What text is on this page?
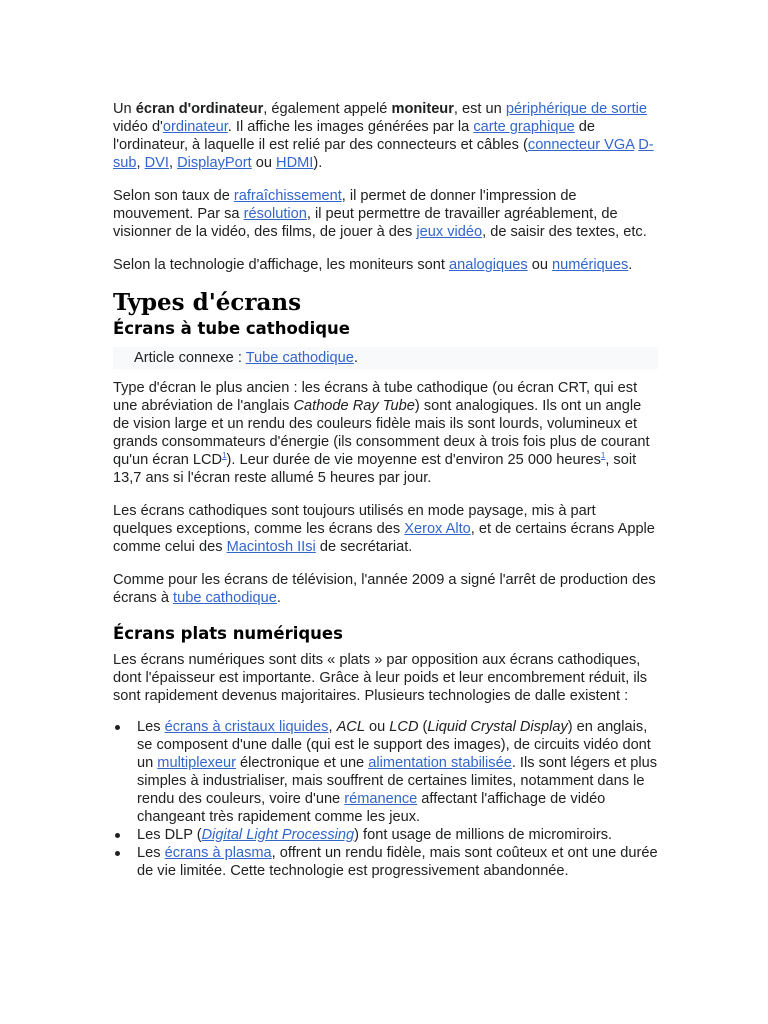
Un écran d'ordinateur, également appelé moniteur, est un périphérique de sortie vidéo d'ordinateur. Il affiche les images générées par la carte graphique de l'ordinateur, à laquelle il est relié par des connecteurs et câbles (connecteur VGA D-sub, DVI, DisplayPort ou HDMI).

Selon son taux de rafraîchissement, il permet de donner l'impression de mouvement. Par sa résolution, il peut permettre de travailler agréablement, de visionner de la vidéo, des films, de jouer à des jeux vidéo, de saisir des textes, etc.

Selon la technologie d'affichage, les moniteurs sont analogiques ou numériques.

Types d'écrans
Écrans à tube cathodique
Article connexe : Tube cathodique.

Type d'écran le plus ancien : les écrans à tube cathodique (ou écran CRT, qui est une abréviation de l'anglais Cathode Ray Tube) sont analogiques. Ils ont un angle de vision large et un rendu des couleurs fidèle mais ils sont lourds, volumineux et grands consommateurs d'énergie (ils consomment deux à trois fois plus de courant qu'un écran LCD$^1$). Leur durée de vie moyenne est d'environ 25 000 heures$^1$, soit 13,7 ans si l'écran reste allumé 5 heures par jour.

Les écrans cathodiques sont toujours utilisés en mode paysage, mis à part quelques exceptions, comme les écrans des Xerox Alto, et de certains écrans Apple comme celui des Macintosh IIsi de secrétariat.

Comme pour les écrans de télévision, l'année 2009 a signé l'arrêt de production des écrans à tube cathodique.

Écrans plats numériques

Les écrans numériques sont dits « plats » par opposition aux écrans cathodiques, dont l'épaisseur est importante. Grâce à leur poids et leur encombrement réduit, ils sont rapidement devenus majoritaires. Plusieurs technologies de dalle existent :

Les écrans à cristaux liquides, ACL ou LCD (Liquid Crystal Display) en anglais, se composent d'une dalle (qui est le support des images), de circuits vidéo dont un multiplexeur électronique et une alimentation stabilisée. Ils sont légers et plus simples à industrialiser, mais souffrent de certaines limites, notamment dans le rendu des couleurs, voire d'une rémanence affectant l'affichage de vidéo changeant très rapidement comme les jeux.
Les DLP (Digital Light Processing) font usage de millions de micromiroirs.
Les écrans à plasma, offrent un rendu fidèle, mais sont coûteux et ont une durée de vie limitée. Cette technologie est progressivement abandonnée.
